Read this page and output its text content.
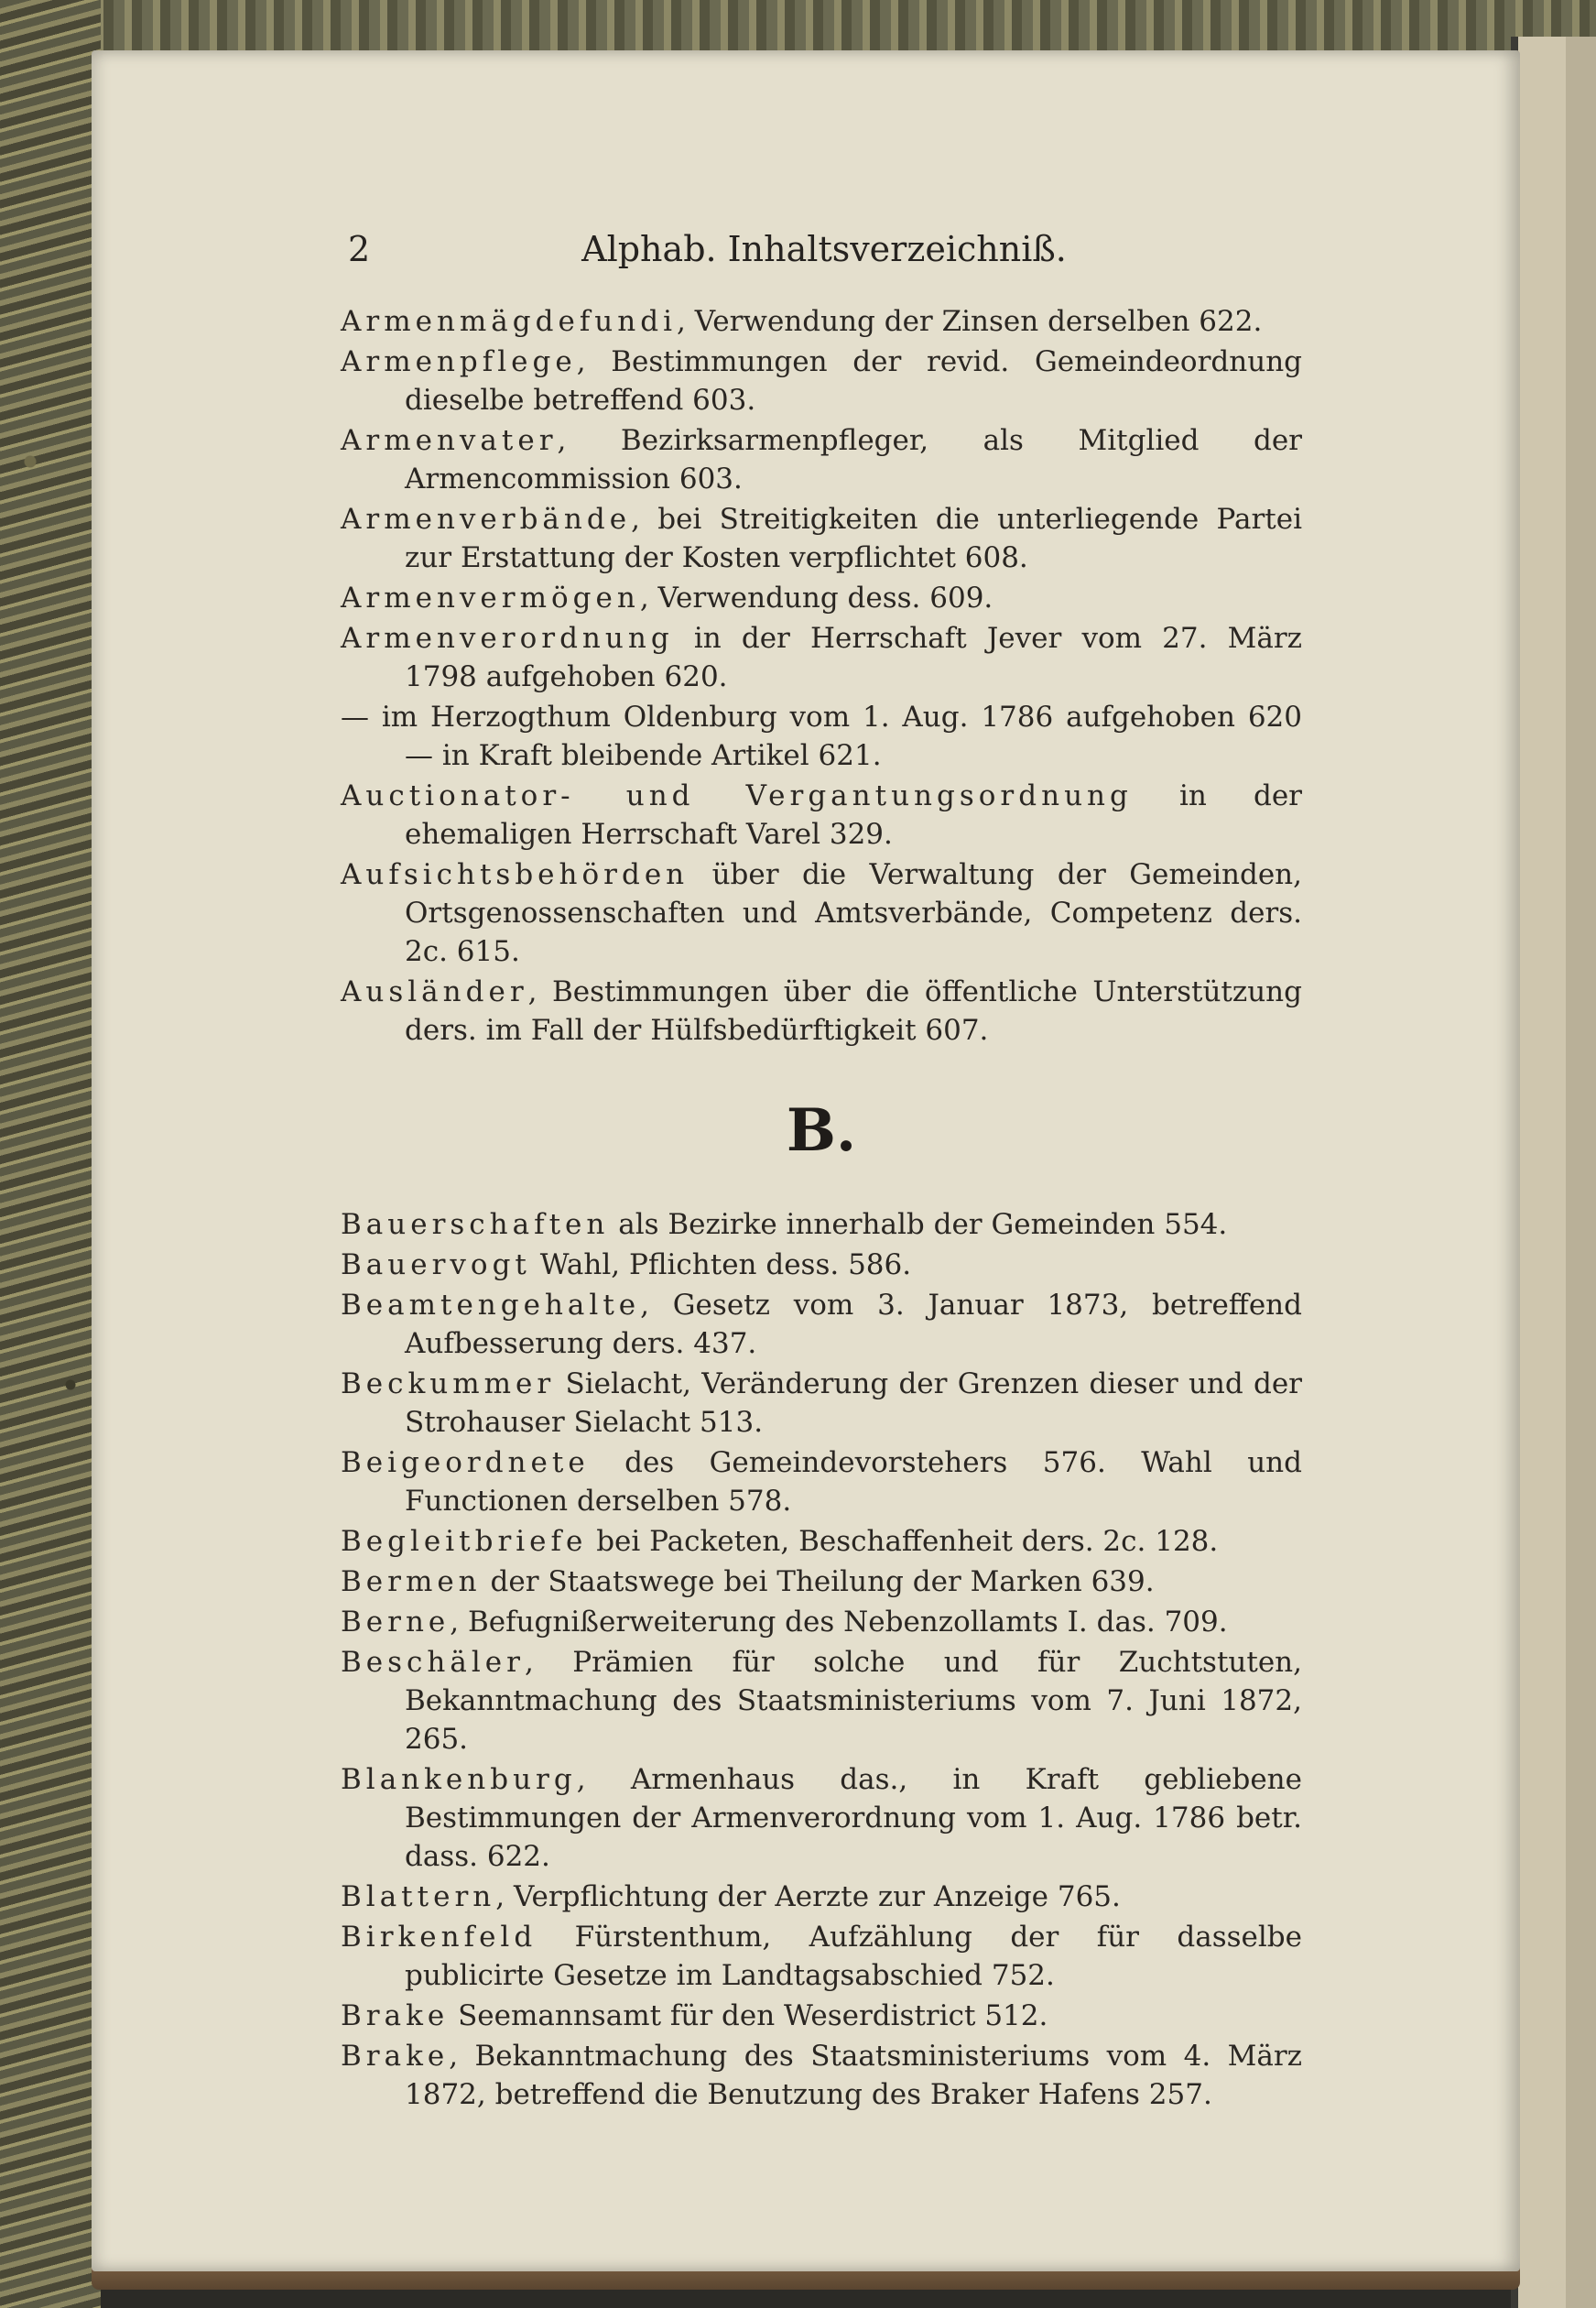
2	Alphab. Inhaltsverzeichniß.

Armenmägdefundi, Verwendung der Zinsen derselben 622.

Armenpflege, Bestimmungen der revid. Gemeindeordnung dieselbe betreffend 603.

Armenvater, Bezirksarmenpfleger, als Mitglied der Armencommission 603.

Armenverbände, bei Streitigkeiten die unterliegende Partei zur Erstattung der Kosten verpflichtet 608.

Armenvermögen, Verwendung dess. 609.

Armenverordnung in der Herrschaft Jever vom 27. März 1798 aufgehoben 620.

— im Herzogthum Oldenburg vom 1. Aug. 1786 aufgehoben 620 — in Kraft bleibende Artikel 621.

Auctionator- und Vergantungsordnung in der ehemaligen Herrschaft Varel 329.

Aufsichtsbehörden über die Verwaltung der Gemeinden, Ortsgenossenschaften und Amtsverbände, Competenz ders. 2c. 615.

Ausländer, Bestimmungen über die öffentliche Unterstützung ders. im Fall der Hülfsbedürftigkeit 607.

B.

Bauerschaften als Bezirke innerhalb der Gemeinden 554.

Bauervogt Wahl, Pflichten dess. 586.

Beamtengehalte, Gesetz vom 3. Januar 1873, betreffend Aufbesserung ders. 437.

Beckummer Sielacht, Veränderung der Grenzen dieser und der Strohauser Sielacht 513.

Beigeordnete des Gemeindevorstehers 576. Wahl und Functionen derselben 578.

Begleitbriefe bei Packeten, Beschaffenheit ders. 2c. 128.

Bermen der Staatswege bei Theilung der Marken 639.

Berne, Befugnißerweiterung des Nebenzollamts I. das. 709.

Beschäler, Prämien für solche und für Zuchtstuten, Bekanntmachung des Staatsministeriums vom 7. Juni 1872, 265.

Blankenburg, Armenhaus das., in Kraft gebliebene Bestimmungen der Armenverordnung vom 1. Aug. 1786 betr. dass. 622.

Blattern, Verpflichtung der Aerzte zur Anzeige 765.

Birkenfeld Fürstenthum, Aufzählung der für dasselbe publicirte Gesetze im Landtagsabschied 752.

Brake Seemannsamt für den Weserdistrict 512.

Brake, Bekanntmachung des Staatsministeriums vom 4. März 1872, betreffend die Benutzung des Braker Hafens 257.
